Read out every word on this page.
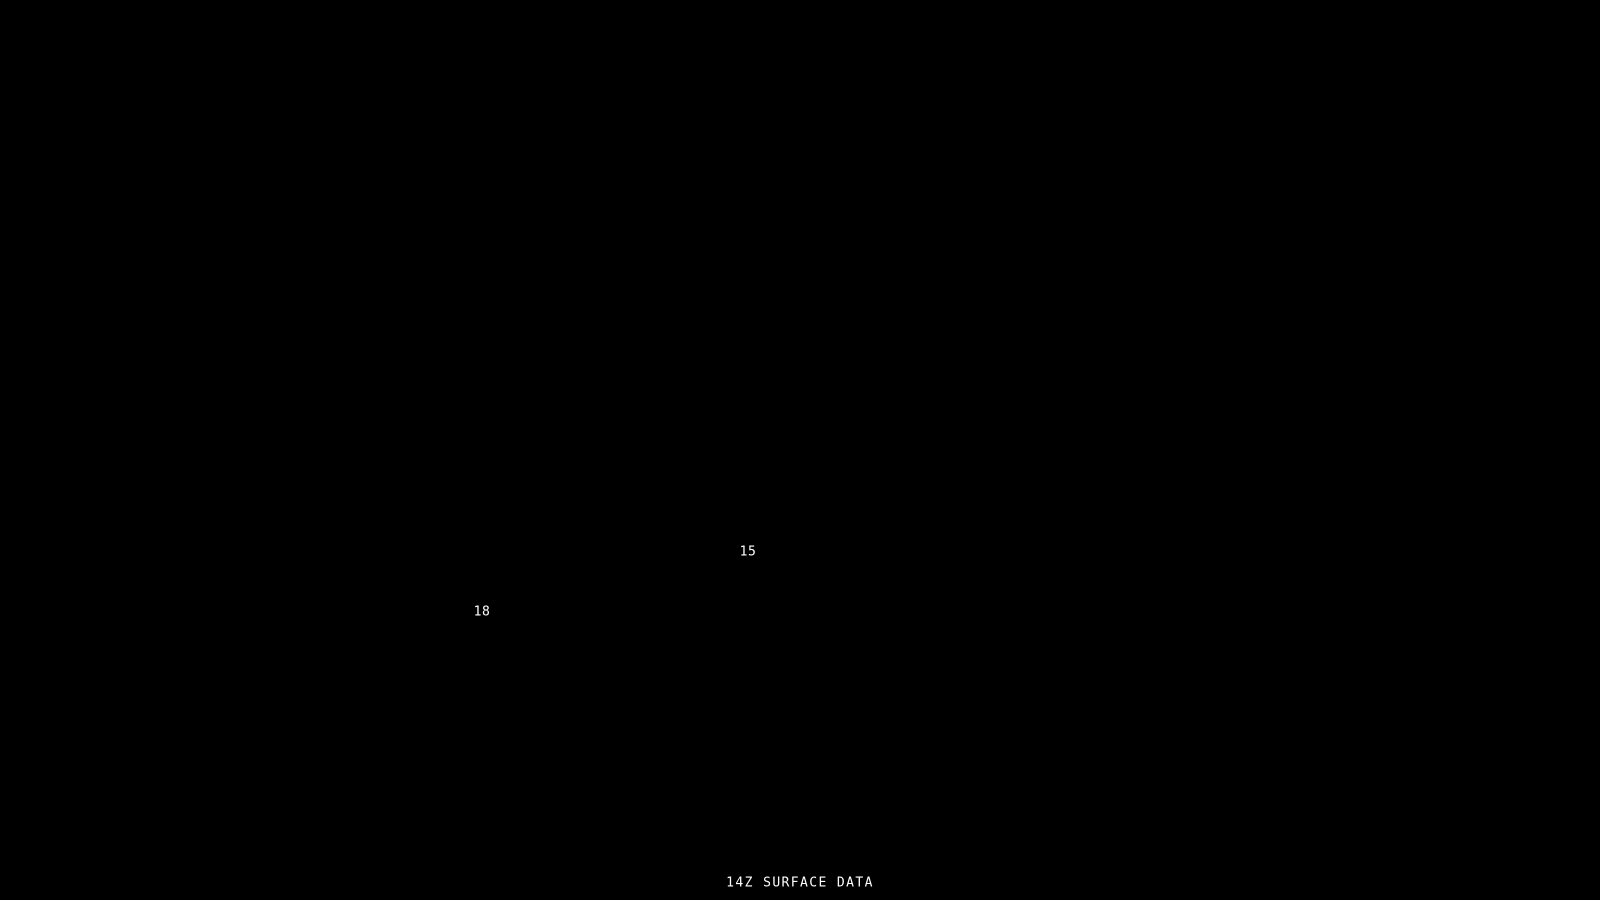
15
18
14Z SURFACE DATA
